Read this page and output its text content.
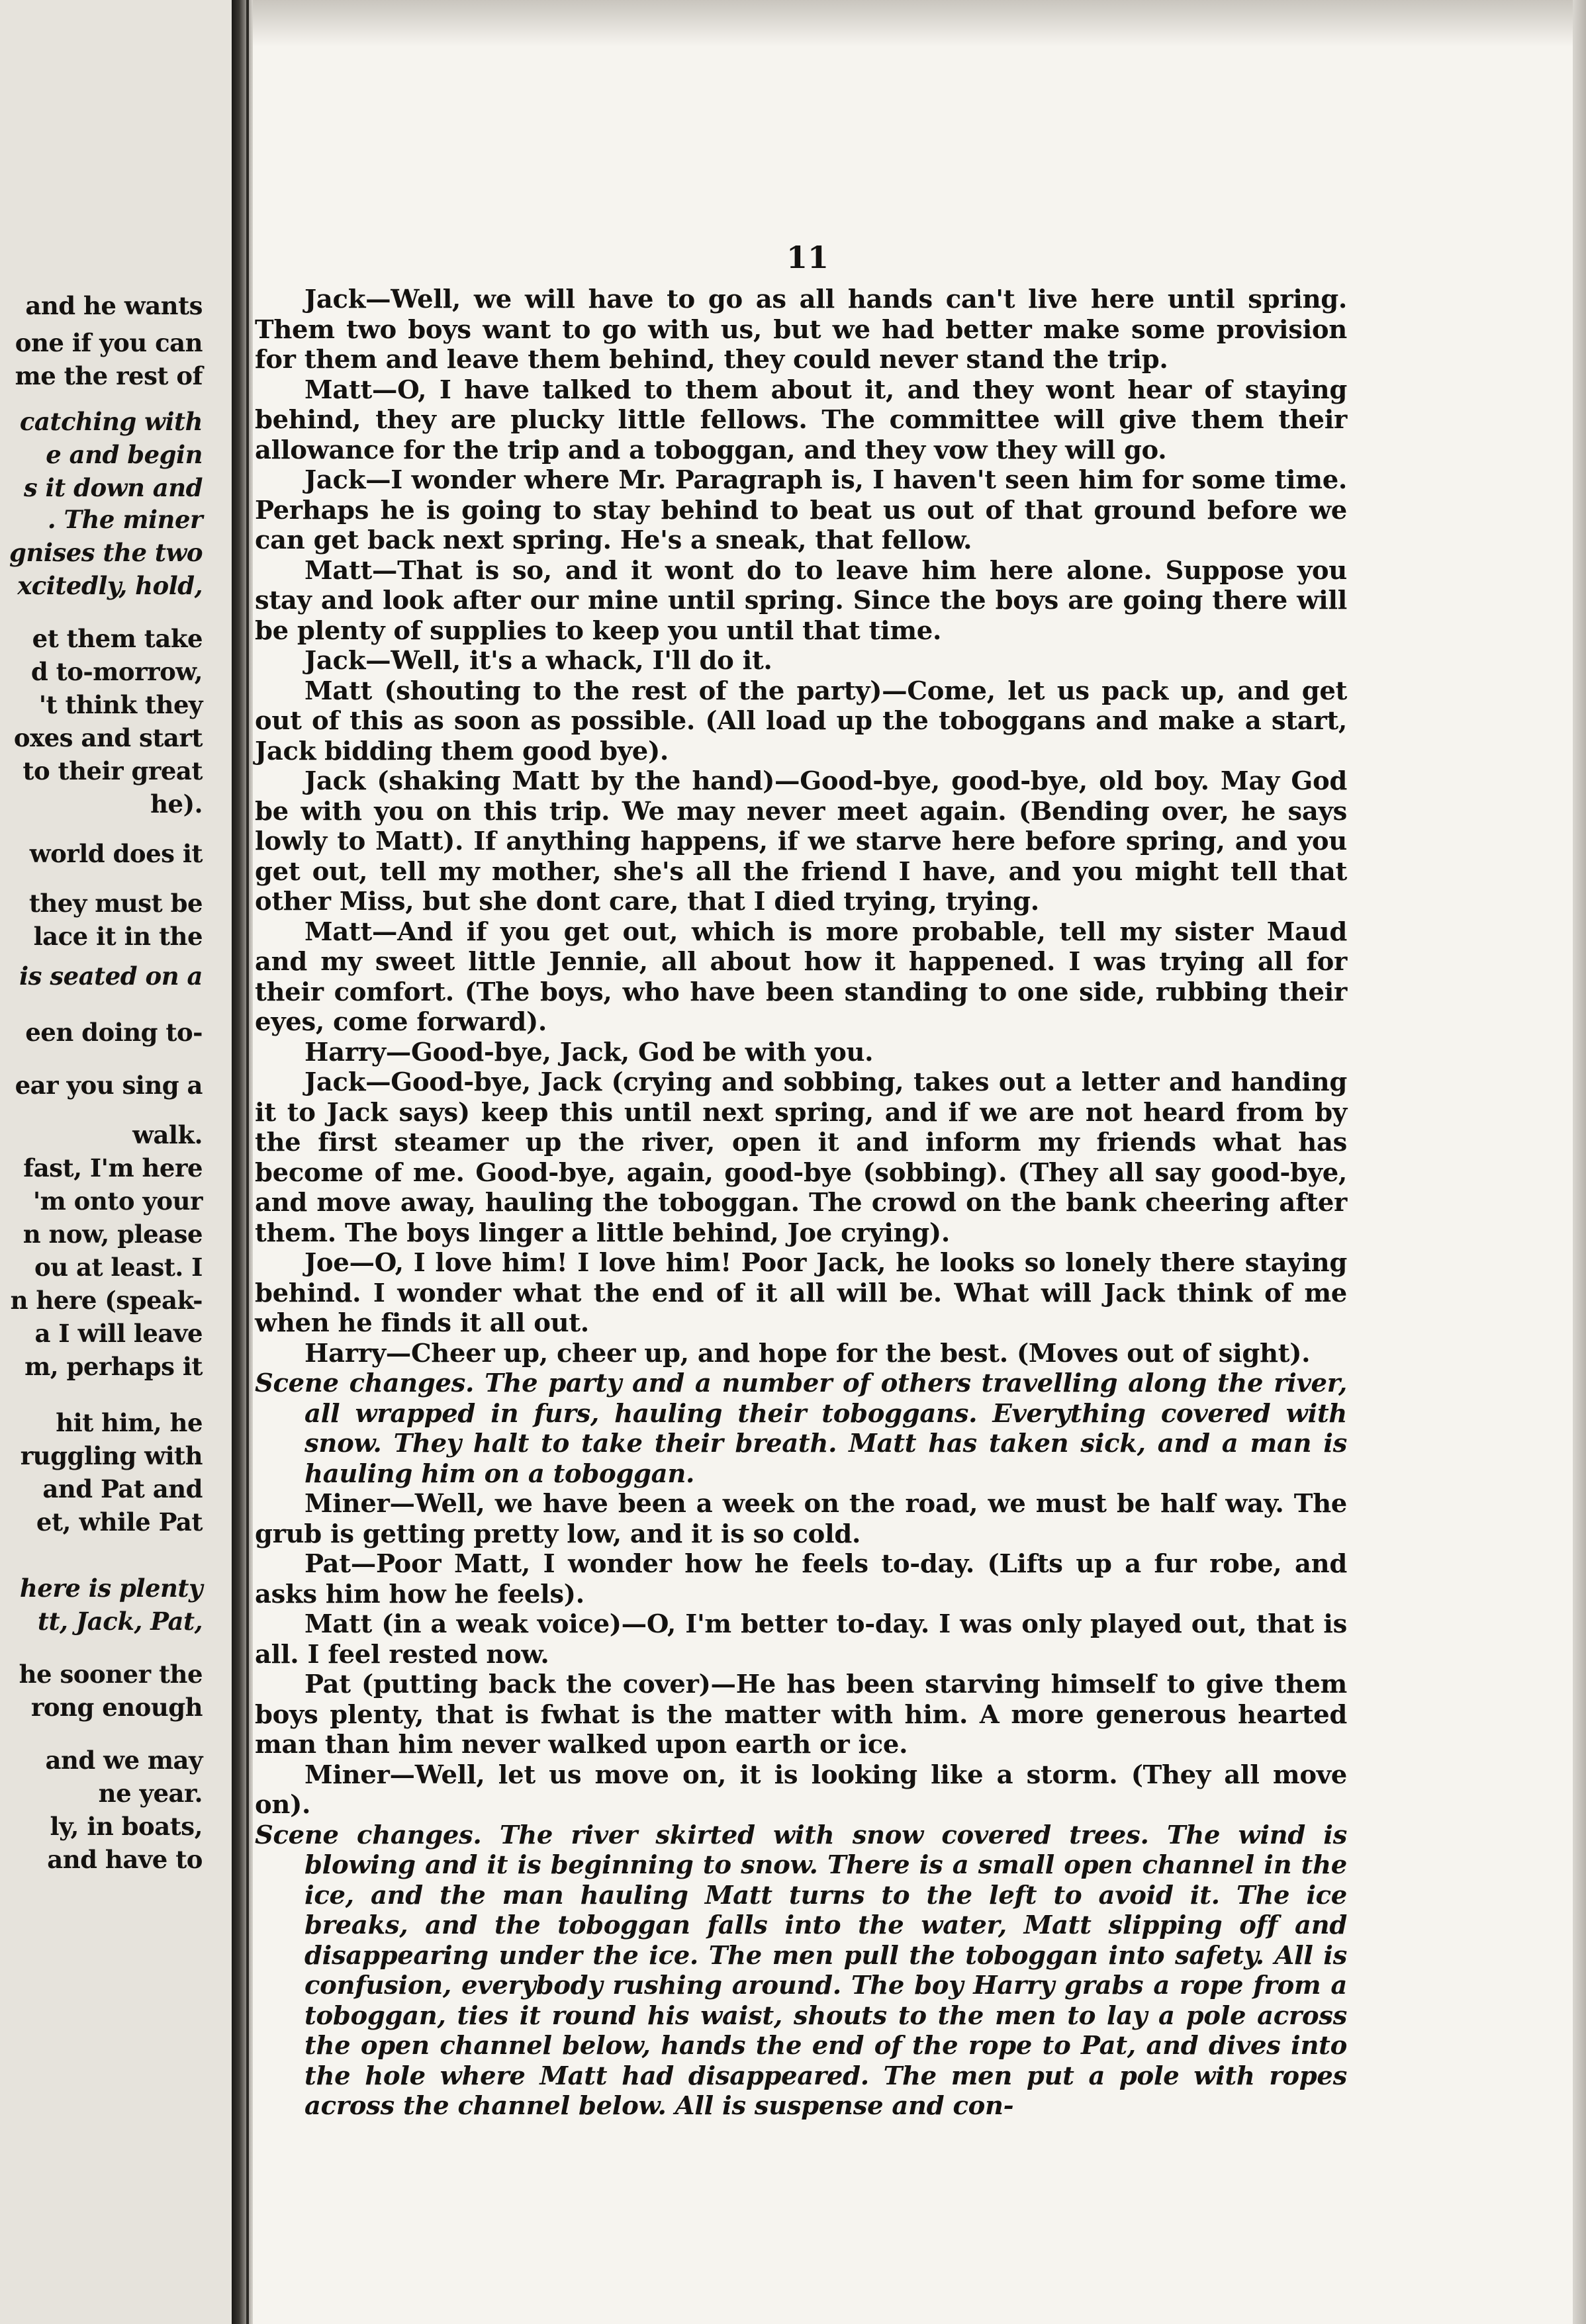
and he wants
one if you can
me the rest of
catching with
e and begin
s it down and
. The miner
gnises the two
xcitedly, hold,
et them take
d to-morrow,
't think they
oxes and start
to their great
he).
world does it
they must be
lace it in the
is seated on a
een doing to-
ear you sing a
walk.
fast, I'm here
'm onto your
n now, please
ou at least. I
n here (speak-
a I will leave
m, perhaps it
hit him, he
ruggling with
and Pat and
et, while Pat
here is plenty
tt, Jack, Pat,
he sooner the
rong enough
and we may
ne year.
ly, in boats,
and have to
11

Jack—Well, we will have to go as all hands can't live here until spring. Them two boys want to go with us, but we had better make some provision for them and leave them behind, they could never stand the trip.

Matt—O, I have talked to them about it, and they wont hear of staying behind, they are plucky little fellows. The committee will give them their allowance for the trip and a toboggan, and they vow they will go.

Jack—I wonder where Mr. Paragraph is, I haven't seen him for some time. Perhaps he is going to stay behind to beat us out of that ground before we can get back next spring. He's a sneak, that fellow.

Matt—That is so, and it wont do to leave him here alone. Suppose you stay and look after our mine until spring. Since the boys are going there will be plenty of supplies to keep you until that time.

Jack—Well, it's a whack, I'll do it.

Matt (shouting to the rest of the party)—Come, let us pack up, and get out of this as soon as possible. (All load up the toboggans and make a start, Jack bidding them good bye).

Jack (shaking Matt by the hand)—Good-bye, good-bye, old boy. May God be with you on this trip. We may never meet again. (Bending over, he says lowly to Matt). If anything happens, if we starve here before spring, and you get out, tell my mother, she's all the friend I have, and you might tell that other Miss, but she dont care, that I died trying, trying.

Matt—And if you get out, which is more probable, tell my sister Maud and my sweet little Jennie, all about how it happened. I was trying all for their comfort. (The boys, who have been standing to one side, rubbing their eyes, come forward).

Harry—Good-bye, Jack, God be with you.

Jack—Good-bye, Jack (crying and sobbing, takes out a letter and handing it to Jack says) keep this until next spring, and if we are not heard from by the first steamer up the river, open it and inform my friends what has become of me. Good-bye, again, good-bye (sobbing). (They all say good-bye, and move away, hauling the toboggan. The crowd on the bank cheering after them. The boys linger a little behind, Joe crying).

Joe—O, I love him! I love him! Poor Jack, he looks so lonely there staying behind. I wonder what the end of it all will be. What will Jack think of me when he finds it all out.

Harry—Cheer up, cheer up, and hope for the best. (Moves out of sight).

Scene changes. The party and a number of others travelling along the river, all wrapped in furs, hauling their toboggans. Everything covered with snow. They halt to take their breath. Matt has taken sick, and a man is hauling him on a toboggan.

Miner—Well, we have been a week on the road, we must be half way. The grub is getting pretty low, and it is so cold.

Pat—Poor Matt, I wonder how he feels to-day. (Lifts up a fur robe, and asks him how he feels).

Matt (in a weak voice)—O, I'm better to-day. I was only played out, that is all. I feel rested now.

Pat (putting back the cover)—He has been starving himself to give them boys plenty, that is fwhat is the matter with him. A more generous hearted man than him never walked upon earth or ice.

Miner—Well, let us move on, it is looking like a storm. (They all move on).

Scene changes. The river skirted with snow covered trees. The wind is blowing and it is beginning to snow. There is a small open channel in the ice, and the man hauling Matt turns to the left to avoid it. The ice breaks, and the toboggan falls into the water, Matt slipping off and disappearing under the ice. The men pull the toboggan into safety. All is confusion, everybody rushing around. The boy Harry grabs a rope from a toboggan, ties it round his waist, shouts to the men to lay a pole across the open channel below, hands the end of the rope to Pat, and dives into the hole where Matt had disappeared. The men put a pole with ropes across the channel below. All is suspense and con-
